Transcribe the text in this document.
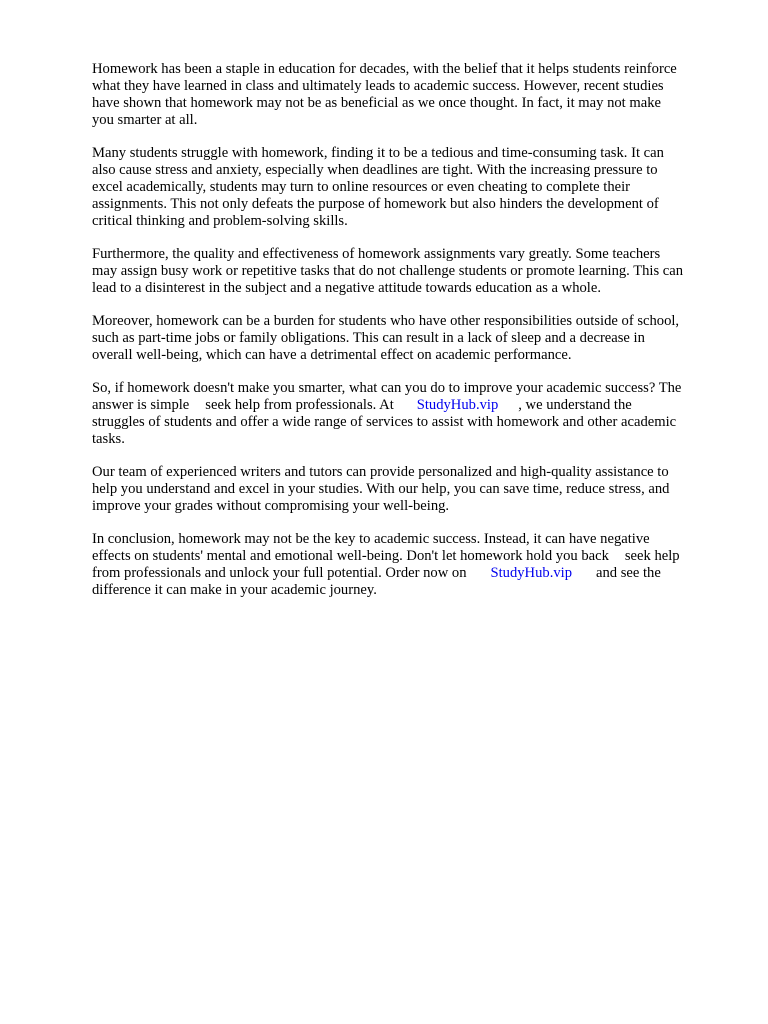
Homework has been a staple in education for decades, with the belief that it helps students reinforce
what they have learned in class and ultimately leads to academic success. However, recent studies
have shown that homework may not be as beneficial as we once thought. In fact, it may not make
you smarter at all.

Many students struggle with homework, finding it to be a tedious and time-consuming task. It can
also cause stress and anxiety, especially when deadlines are tight. With the increasing pressure to
excel academically, students may turn to online resources or even cheating to complete their
assignments. This not only defeats the purpose of homework but also hinders the development of
critical thinking and problem-solving skills.

Furthermore, the quality and effectiveness of homework assignments vary greatly. Some teachers
may assign busy work or repetitive tasks that do not challenge students or promote learning. This can
lead to a disinterest in the subject and a negative attitude towards education as a whole.

Moreover, homework can be a burden for students who have other responsibilities outside of school,
such as part-time jobs or family obligations. This can result in a lack of sleep and a decrease in
overall well-being, which can have a detrimental effect on academic performance.

So, if homework doesn't make you smarter, what can you do to improve your academic success? The
answer is simple seek help from professionals. At StudyHub.vip , we understand the
struggles of students and offer a wide range of services to assist with homework and other academic
tasks.

Our team of experienced writers and tutors can provide personalized and high-quality assistance to
help you understand and excel in your studies. With our help, you can save time, reduce stress, and
improve your grades without compromising your well-being.

In conclusion, homework may not be the key to academic success. Instead, it can have negative
effects on students' mental and emotional well-being. Don't let homework hold you back seek help
from professionals and unlock your full potential. Order now on StudyHub.vip and see the
difference it can make in your academic journey.
